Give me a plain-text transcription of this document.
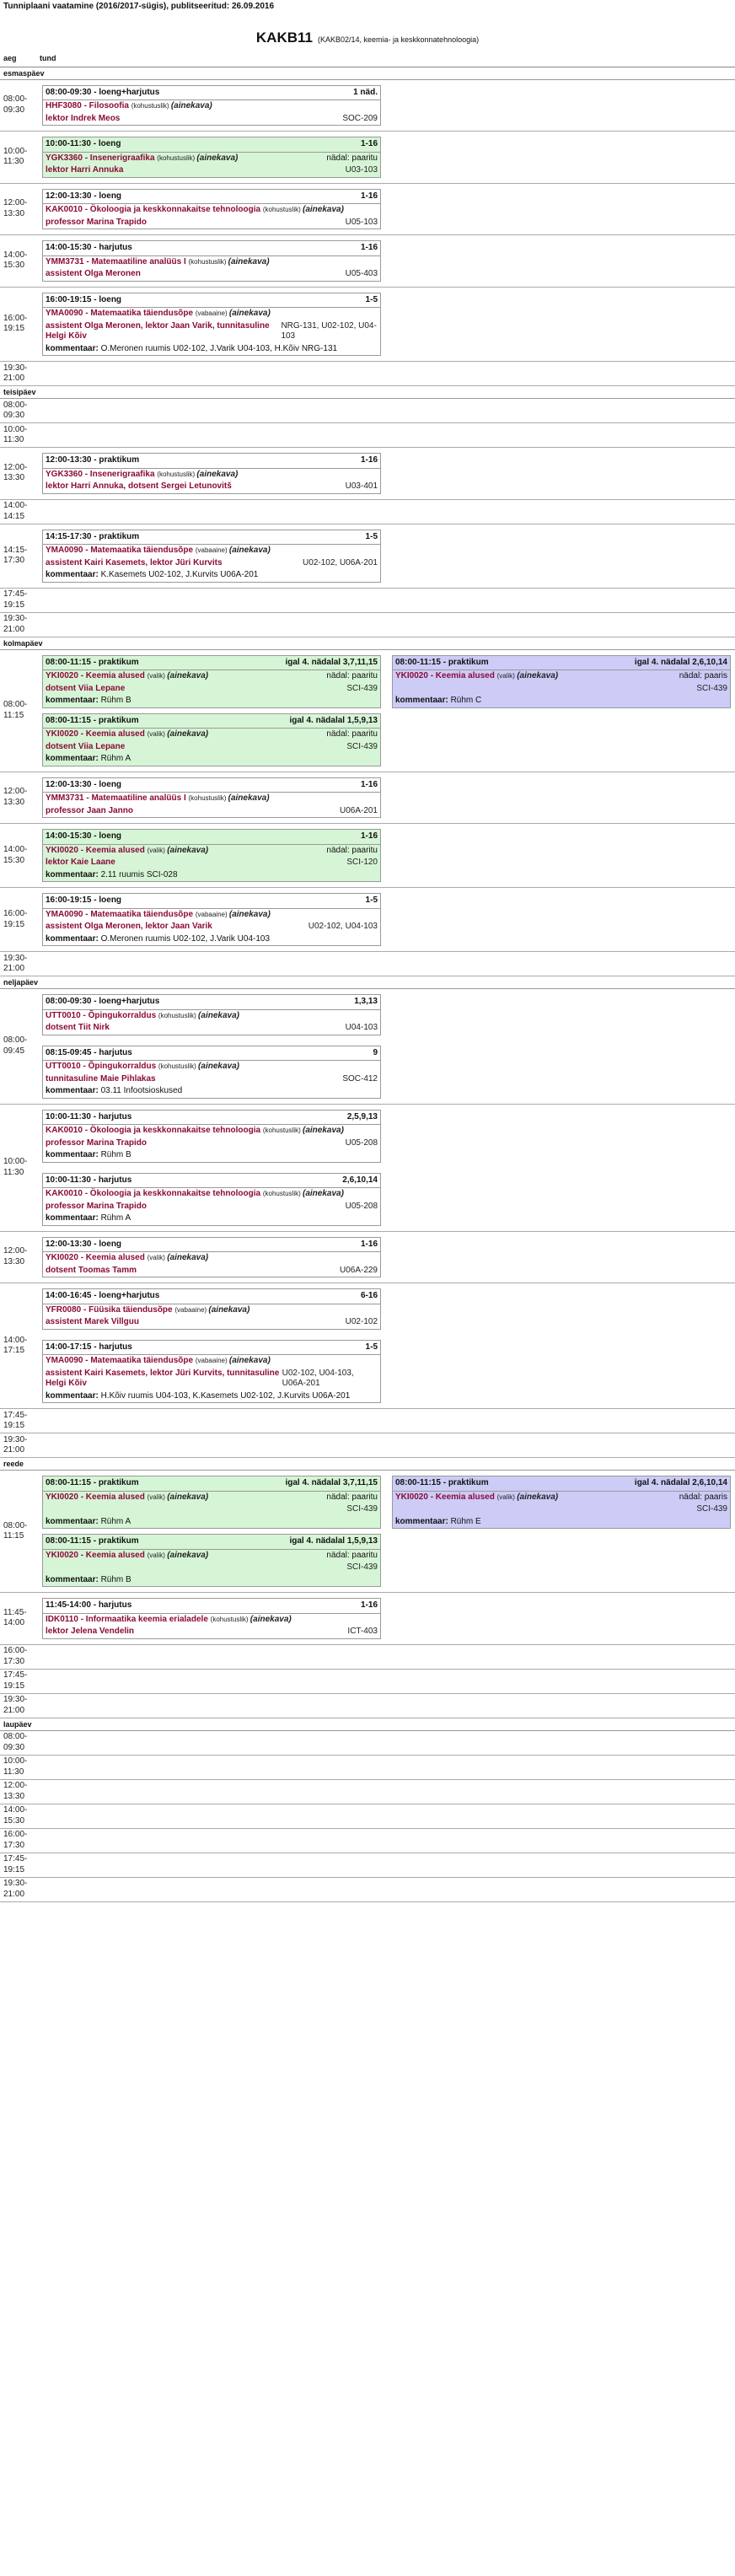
Tunniplaani vaatamine (2016/2017-sügis), publitseeritud: 26.09.2016
KAKB11 (KAKB02/14, keemia- ja keskkonnatehnoloogia)
aeg	tund
esmaspäev
08:00- 09:30
08:00-09:30 - loeng+harjutus	1 näd.
HHF3080 - Filosoofia (kohustuslik) (ainekava)
lektor Indrek Meos	SOC-209
10:00- 11:30
10:00-11:30 - loeng	1-16
YGK3360 - Insenerigraafika (kohustuslik) (ainekava)	nädal: paaritu
lektor Harri Annuka	U03-103
12:00- 13:30
12:00-13:30 - loeng	1-16
KAK0010 - Ökoloogia ja keskkonnakaitse tehnoloogia (kohustuslik) (ainekava)
professor Marina Trapido	U05-103
14:00- 15:30
14:00-15:30 - harjutus	1-16
YMM3731 - Matemaatiline analüüs I (kohustuslik) (ainekava)
assistent Olga Meronen	U05-403
16:00- 19:15
16:00-19:15 - loeng	1-5
YMA0090 - Matemaatika täiendusõpe (vabaaine) (ainekava)
assistent Olga Meronen, lektor Jaan Varik, tunnitasuline Helgi Kõiv
NRG-131, U02-102, U04-103
kommentaar: O.Meronen ruumis U02-102, J.Varik U04-103, H.Kõiv NRG-131
19:30- 21:00
teisipäev
08:00- 09:30
10:00- 11:30
12:00- 13:30
12:00-13:30 - praktikum	1-16
YGK3360 - Insenerigraafika (kohustuslik) (ainekava)
lektor Harri Annuka, dotsent Sergei Letunovitš	U03-401
14:00- 14:15
14:15- 17:30
14:15-17:30 - praktikum	1-5
YMA0090 - Matemaatika täiendusõpe (vabaaine) (ainekava)
assistent Kairi Kasemets, lektor Jüri Kurvits	U02-102, U06A-201
kommentaar: K.Kasemets U02-102, J.Kurvits U06A-201
17:45- 19:15
19:30- 21:00
kolmapäev
08:00- 11:15
08:00-11:15 - praktikum	igal 4. nädalal 3,7,11,15
YKI0020 - Keemia alused (valik) (ainekava)	nädal: paaritu
dotsent Viia Lepane	SCI-439
kommentaar: Rühm B
08:00-11:15 - praktikum	igal 4. nädalal 1,5,9,13
YKI0020 - Keemia alused (valik) (ainekava)	nädal: paaritu
dotsent Viia Lepane	SCI-439
kommentaar: Rühm A
08:00-11:15 - praktikum	igal 4. nädalal 2,6,10,14
YKI0020 - Keemia alused (valik) (ainekava)	nädal: paaris
SCI-439
kommentaar: Rühm C
12:00- 13:30
12:00-13:30 - loeng	1-16
YMM3731 - Matemaatiline analüüs I (kohustuslik) (ainekava)
professor Jaan Janno	U06A-201
14:00- 15:30
14:00-15:30 - loeng	1-16
YKI0020 - Keemia alused (valik) (ainekava)	nädal: paaritu
lektor Kaie Laane	SCI-120
kommentaar: 2.11 ruumis SCI-028
16:00- 19:15
16:00-19:15 - loeng	1-5
YMA0090 - Matemaatika täiendusõpe (vabaaine) (ainekava)
assistent Olga Meronen, lektor Jaan Varik	U02-102, U04-103
kommentaar: O.Meronen ruumis U02-102, J.Varik U04-103
19:30- 21:00
neljapäev
08:00- 09:45
08:00-09:30 - loeng+harjutus	1,3,13
UTT0010 - Õpingukorraldus (kohustuslik) (ainekava)
dotsent Tiit Nirk	U04-103
08:15-09:45 - harjutus	9
UTT0010 - Õpingukorraldus (kohustuslik) (ainekava)
tunnitasuline Maie Pihlakas	SOC-412
kommentaar: 03.11 Infootsioskused
10:00- 11:30
10:00-11:30 - harjutus	2,5,9,13
KAK0010 - Ökoloogia ja keskkonnakaitse tehnoloogia (kohustuslik) (ainekava)
professor Marina Trapido	U05-208
kommentaar: Rühm B
10:00-11:30 - harjutus	2,6,10,14
KAK0010 - Ökoloogia ja keskkonnakaitse tehnoloogia (kohustuslik) (ainekava)
professor Marina Trapido	U05-208
kommentaar: Rühm A
12:00- 13:30
12:00-13:30 - loeng	1-16
YKI0020 - Keemia alused (valik) (ainekava)
dotsent Toomas Tamm	U06A-229
14:00- 17:15
14:00-16:45 - loeng+harjutus	6-16
YFR0080 - Füüsika täiendusõpe (vabaaine) (ainekava)
assistent Marek Villguu	U02-102
14:00-17:15 - harjutus	1-5
YMA0090 - Matemaatika täiendusõpe (vabaaine) (ainekava)
assistent Kairi Kasemets, lektor Jüri Kurvits, tunnitasuline Helgi Kõiv
U02-102, U04-103, U06A-201
kommentaar: H.Kõiv ruumis U04-103, K.Kasemets U02-102, J.Kurvits U06A-201
17:45- 19:15
19:30- 21:00
reede
08:00- 11:15
08:00-11:15 - praktikum	igal 4. nädalal 3,7,11,15
YKI0020 - Keemia alused (valik) (ainekava)	nädal: paaritu
SCI-439
kommentaar: Rühm A
08:00-11:15 - praktikum	igal 4. nädalal 1,5,9,13
YKI0020 - Keemia alused (valik) (ainekava)	nädal: paaritu
SCI-439
kommentaar: Rühm B
08:00-11:15 - praktikum	igal 4. nädalal 2,6,10,14
YKI0020 - Keemia alused (valik) (ainekava)	nädal: paaris
SCI-439
kommentaar: Rühm E
11:45- 14:00
11:45-14:00 - harjutus	1-16
IDK0110 - Informaatika keemia erialadele (kohustuslik) (ainekava)
lektor Jelena Vendelin	ICT-403
16:00- 17:30
17:45- 19:15
19:30- 21:00
laupäev
08:00- 09:30
10:00- 11:30
12:00- 13:30
14:00- 15:30
16:00- 17:30
17:45- 19:15
19:30- 21:00
